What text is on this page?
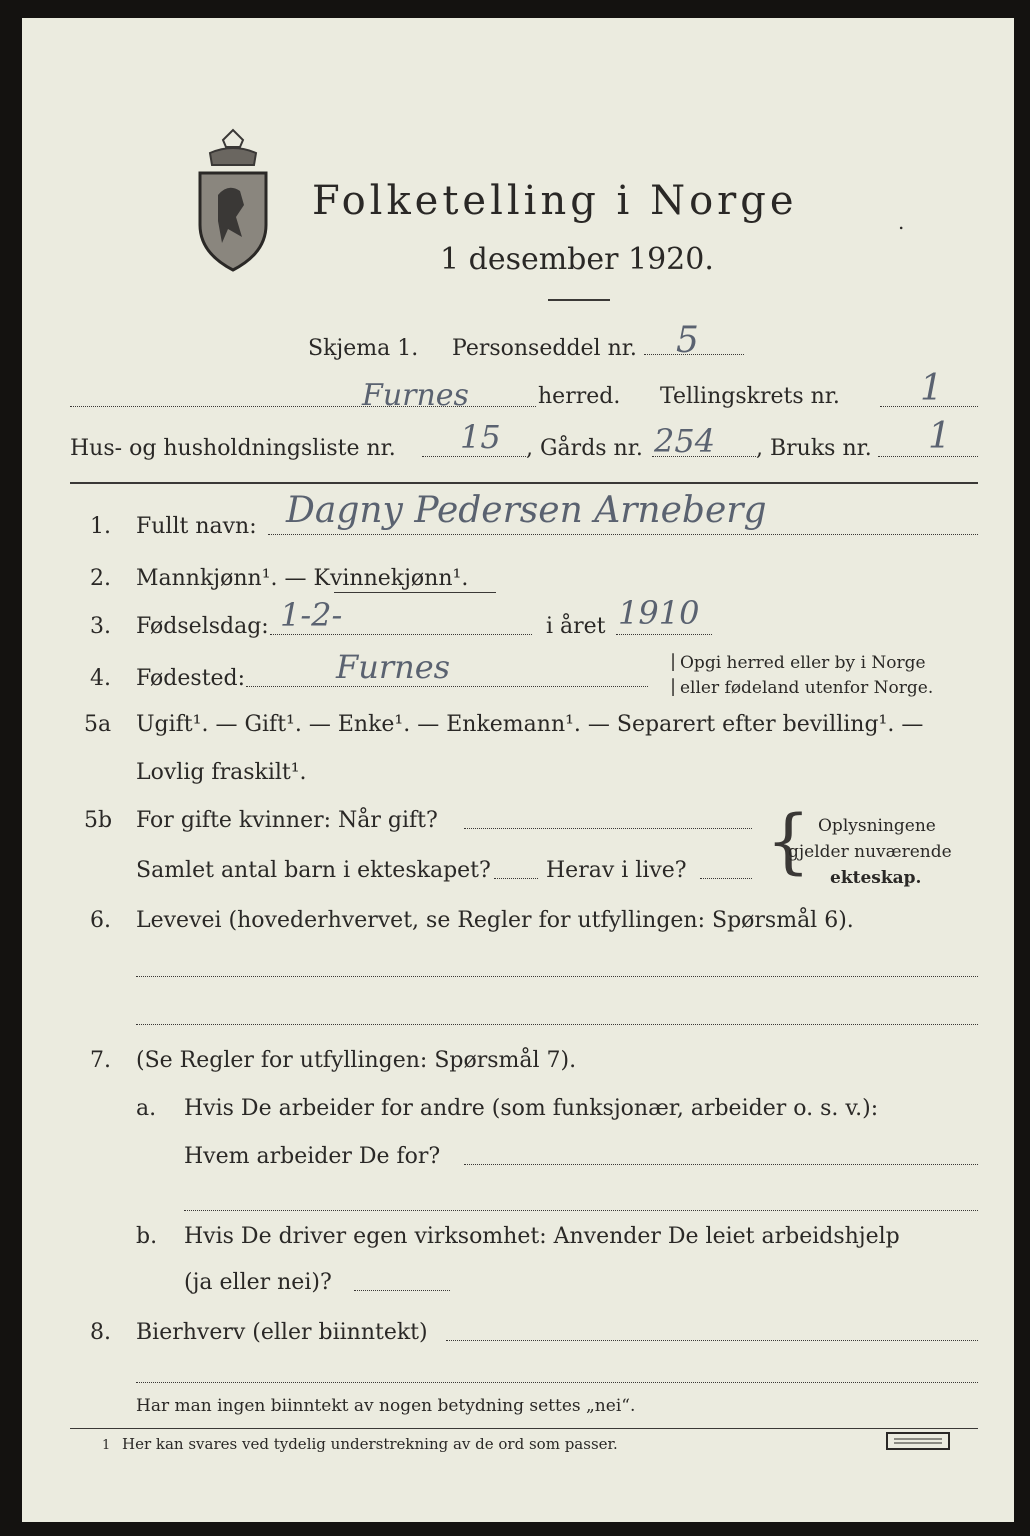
Folketelling i Norge	.
1 desember 1920.
Skjema 1. Personseddel nr. 5
Furnes	herred. Tellingskrets nr. 1
Hus- og husholdningsliste nr. 15 , Gårds nr. 254 , Bruks nr. 1
1. Fullt navn: Dagny Pedersen Arneberg
2. Mannkjønn¹. — Kvinnekjønn¹.
3. Fødselsdag: 1-2-	i året 1910
4. Fødested:	Furnes	|
|
Opgi herred eller by i Norge
eller fødeland utenfor Norge.
5a Ugift¹. — Gift¹. — Enke¹. — Enkemann¹. — Separert efter bevilling¹. —
Lovlig fraskilt¹.
5b For gifte kvinner: Når gift?
Samlet antal barn i ekteskapet?	Herav i live? { Oplysningene
gjelder nuværende
ekteskap.
6. Levevei (hovederhvervet, se Regler for utfyllingen: Spørsmål 6).
7. (Se Regler for utfyllingen: Spørsmål 7).
a. Hvis De arbeider for andre (som funksjonær, arbeider o. s. v.):
Hvem arbeider De for?
b. Hvis De driver egen virksomhet: Anvender De leiet arbeidshjelp
(ja eller nei)?
8. Bierhverv (eller biinntekt)
Har man ingen biinntekt av nogen betydning settes „nei“.
1 Her kan svares ved tydelig understrekning av de ord som passer.
